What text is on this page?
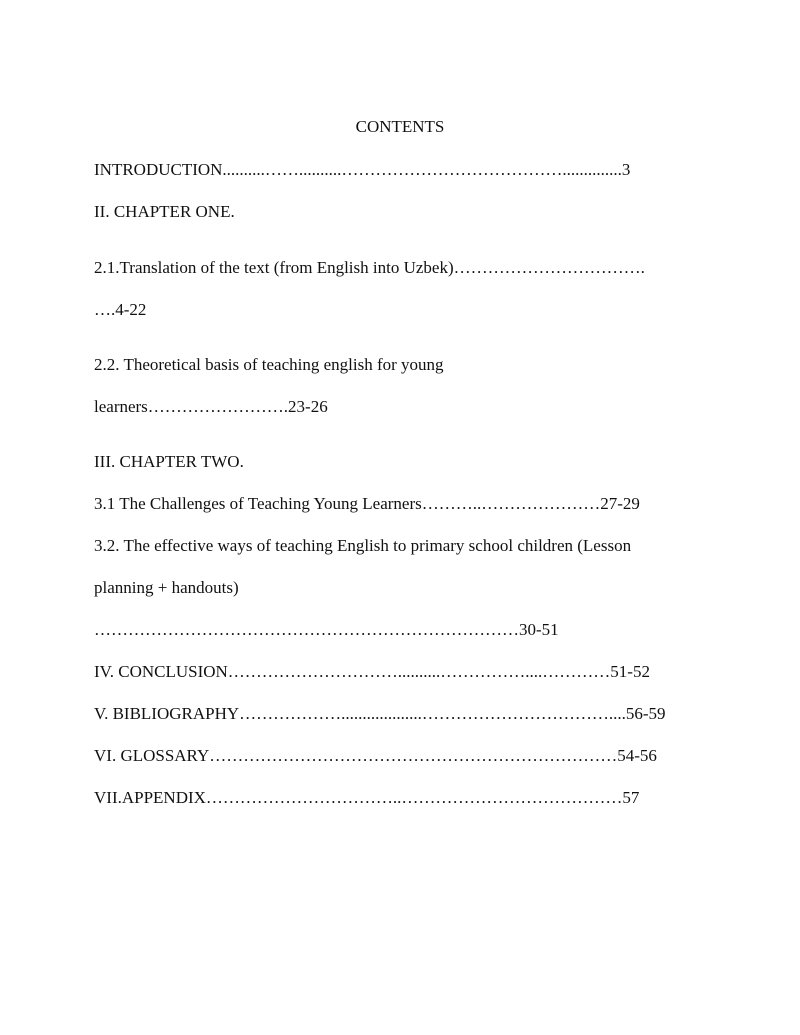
CONTENTS
INTRODUCTION..........……..........…………………………………..............3
II. CHAPTER ONE.
2.1.Translation of the text (from English into Uzbek)…………………………….
….4-22
2.2. Theoretical basis of teaching english for young
learners…………………….23-26
III. CHAPTER TWO.
3.1 The Challenges of Teaching Young Learners………..…………………27-29
3.2. The effective ways of teaching English to primary school children (Lesson
planning + handouts)
…………………………………………………………………30-51
IV. CONCLUSION…………………………..........……………....…………51-52
V. BIBLIOGRAPHY………………...................……………………………....56-59
VI. GLOSSARY………………………………………………………………54-56
VII.APPENDIX……………………………..…………………………………57
